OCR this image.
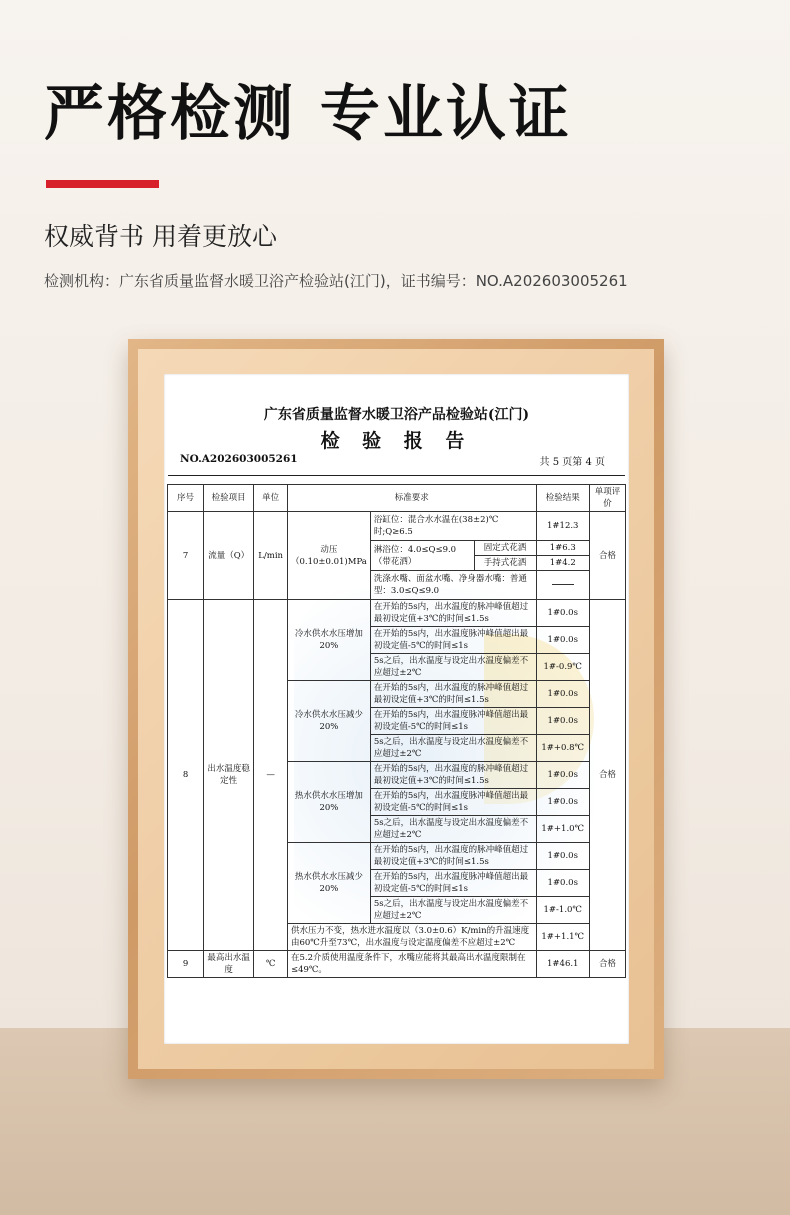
严格检测 专业认证
权威背书 用着更放心
检测机构：广东省质量监督水暖卫浴产检验站(江门)，证书编号：NO.A202603005261
广东省质量监督水暖卫浴产品检验站(江门)
检 验 报 告
NO.A202603005261	共 5 页第 4 页
序号	检验项目	单位	标准要求			检验结果	单项评价
7	流量（Q）	L/min	动压（0.10±0.01)MPa	浴缸位：混合水水温在(38±2)℃时;Q≥6.5		1#12.3	合格
				淋浴位：4.0≤Q≤9.0（带花洒）	固定式花洒	1#6.3	
					手持式花洒	1#4.2	
				洗涤水嘴、面盆水嘴、净身器水嘴：普通型：3.0≤Q≤9.0			
8	出水温度稳定性	—	冷水供水水压增加20%	在开始的5s内，出水温度的脉冲峰值超过最初设定值+3℃的时间≤1.5s		1#0.0s	合格
				在开始的5s内，出水温度脉冲峰值超出最初设定值-5℃的时间≤1s		1#0.0s	
				5s之后，出水温度与设定出水温度偏差不应超过±2℃		1#-0.9℃	
			冷水供水水压减少20%	在开始的5s内，出水温度的脉冲峰值超过最初设定值+3℃的时间≤1.5s		1#0.0s	
				在开始的5s内，出水温度脉冲峰值超出最初设定值-5℃的时间≤1s		1#0.0s	
				5s之后，出水温度与设定出水温度偏差不应超过±2℃		1#+0.8℃	
			热水供水水压增加20%	在开始的5s内，出水温度的脉冲峰值超过最初设定值+3℃的时间≤1.5s		1#0.0s	
				在开始的5s内，出水温度脉冲峰值超出最初设定值-5℃的时间≤1s		1#0.0s	
				5s之后，出水温度与设定出水温度偏差不应超过±2℃		1#+1.0℃	
			热水供水水压减少20%	在开始的5s内，出水温度的脉冲峰值超过最初设定值+3℃的时间≤1.5s		1#0.0s	
				在开始的5s内，出水温度脉冲峰值超出最初设定值-5℃的时间≤1s		1#0.0s	
				5s之后，出水温度与设定出水温度偏差不应超过±2℃		1#-1.0℃	
			供水压力不变，热水进水温度以（3.0±0.6）K/min的升温速度由60℃升至73℃，出水温度与设定温度偏差不应超过±2℃			1#+1.1℃	
9	最高出水温度	℃	在5.2介质使用温度条件下，水嘴应能将其最高出水温度限制在≤49℃。			1#46.1	合格
